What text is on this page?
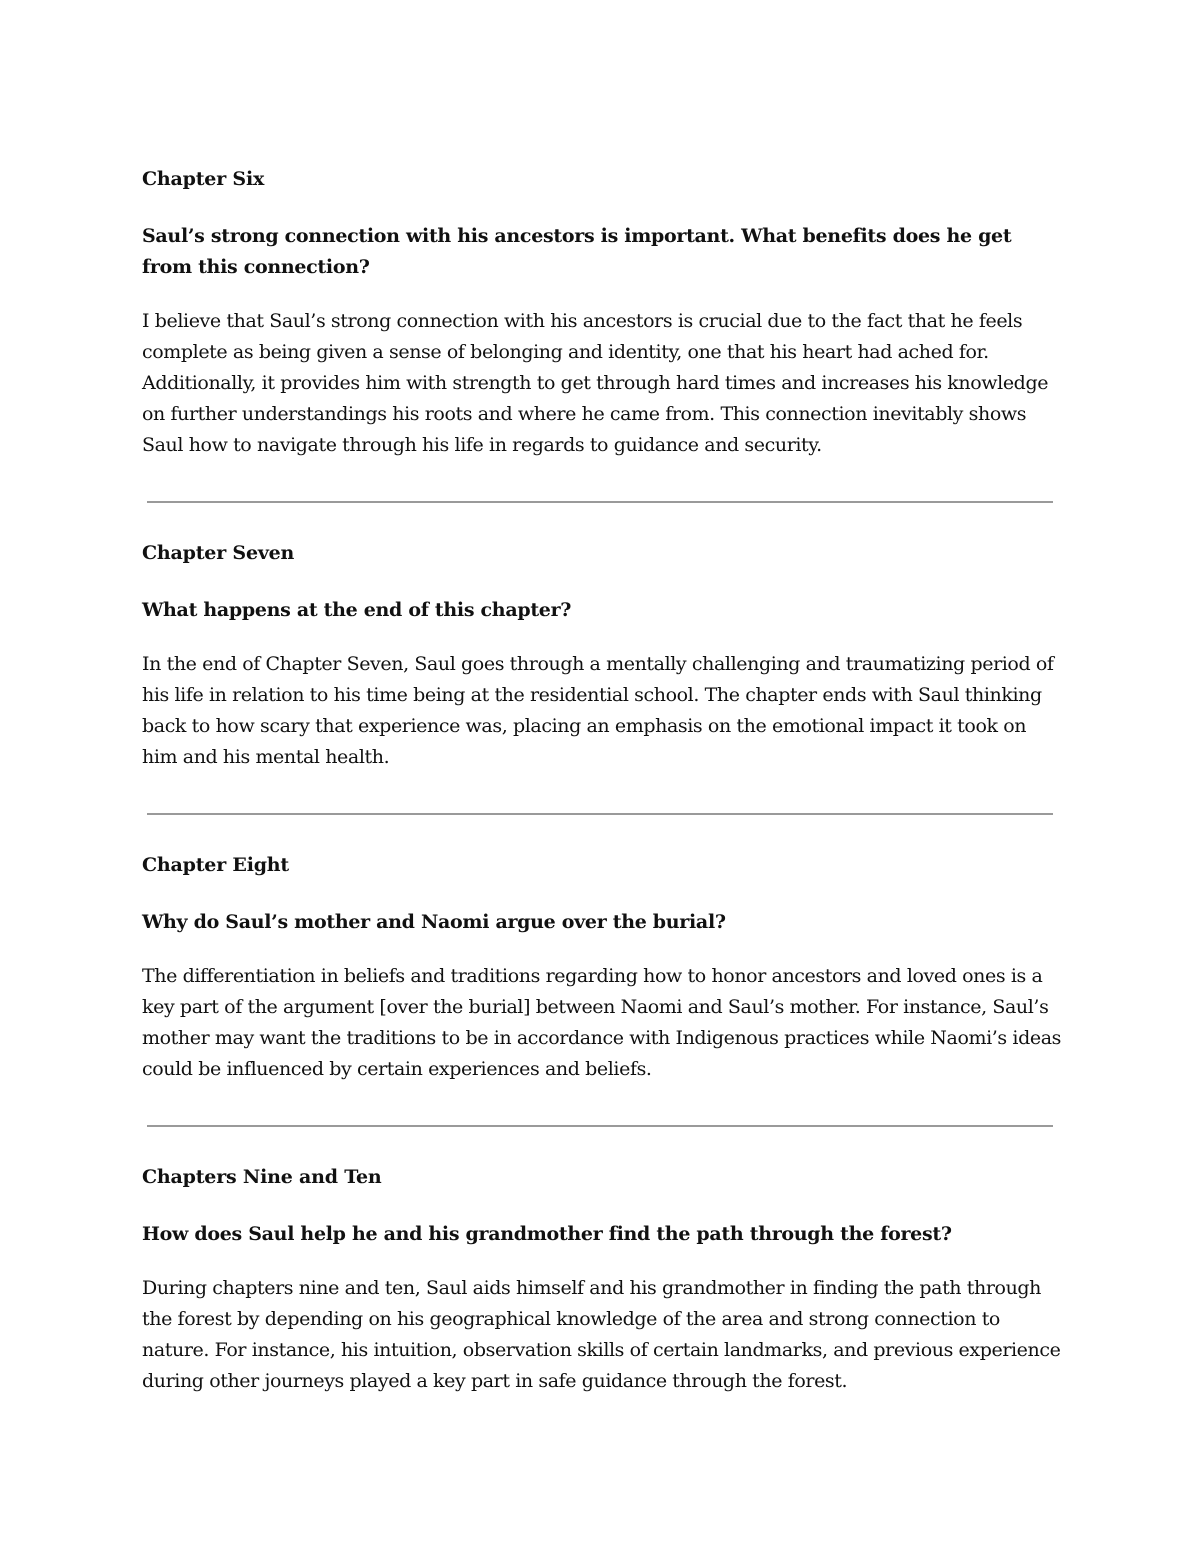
Chapter Six

Saul’s strong connection with his ancestors is important. What benefits does he get from this connection?

I believe that Saul’s strong connection with his ancestors is crucial due to the fact that he feels complete as being given a sense of belonging and identity, one that his heart had ached for. Additionally, it provides him with strength to get through hard times and increases his knowledge on further understandings his roots and where he came from. This connection inevitably shows Saul how to navigate through his life in regards to guidance and security.

Chapter Seven

What happens at the end of this chapter?

In the end of Chapter Seven, Saul goes through a mentally challenging and traumatizing period of his life in relation to his time being at the residential school. The chapter ends with Saul thinking back to how scary that experience was, placing an emphasis on the emotional impact it took on him and his mental health.

Chapter Eight

Why do Saul’s mother and Naomi argue over the burial?

The differentiation in beliefs and traditions regarding how to honor ancestors and loved ones is a key part of the argument [over the burial] between Naomi and Saul’s mother. For instance, Saul’s mother may want the traditions to be in accordance with Indigenous practices while Naomi’s ideas could be influenced by certain experiences and beliefs.

Chapters Nine and Ten

How does Saul help he and his grandmother find the path through the forest?

During chapters nine and ten, Saul aids himself and his grandmother in finding the path through the forest by depending on his geographical knowledge of the area and strong connection to nature. For instance, his intuition, observation skills of certain landmarks, and previous experience during other journeys played a key part in safe guidance through the forest.
